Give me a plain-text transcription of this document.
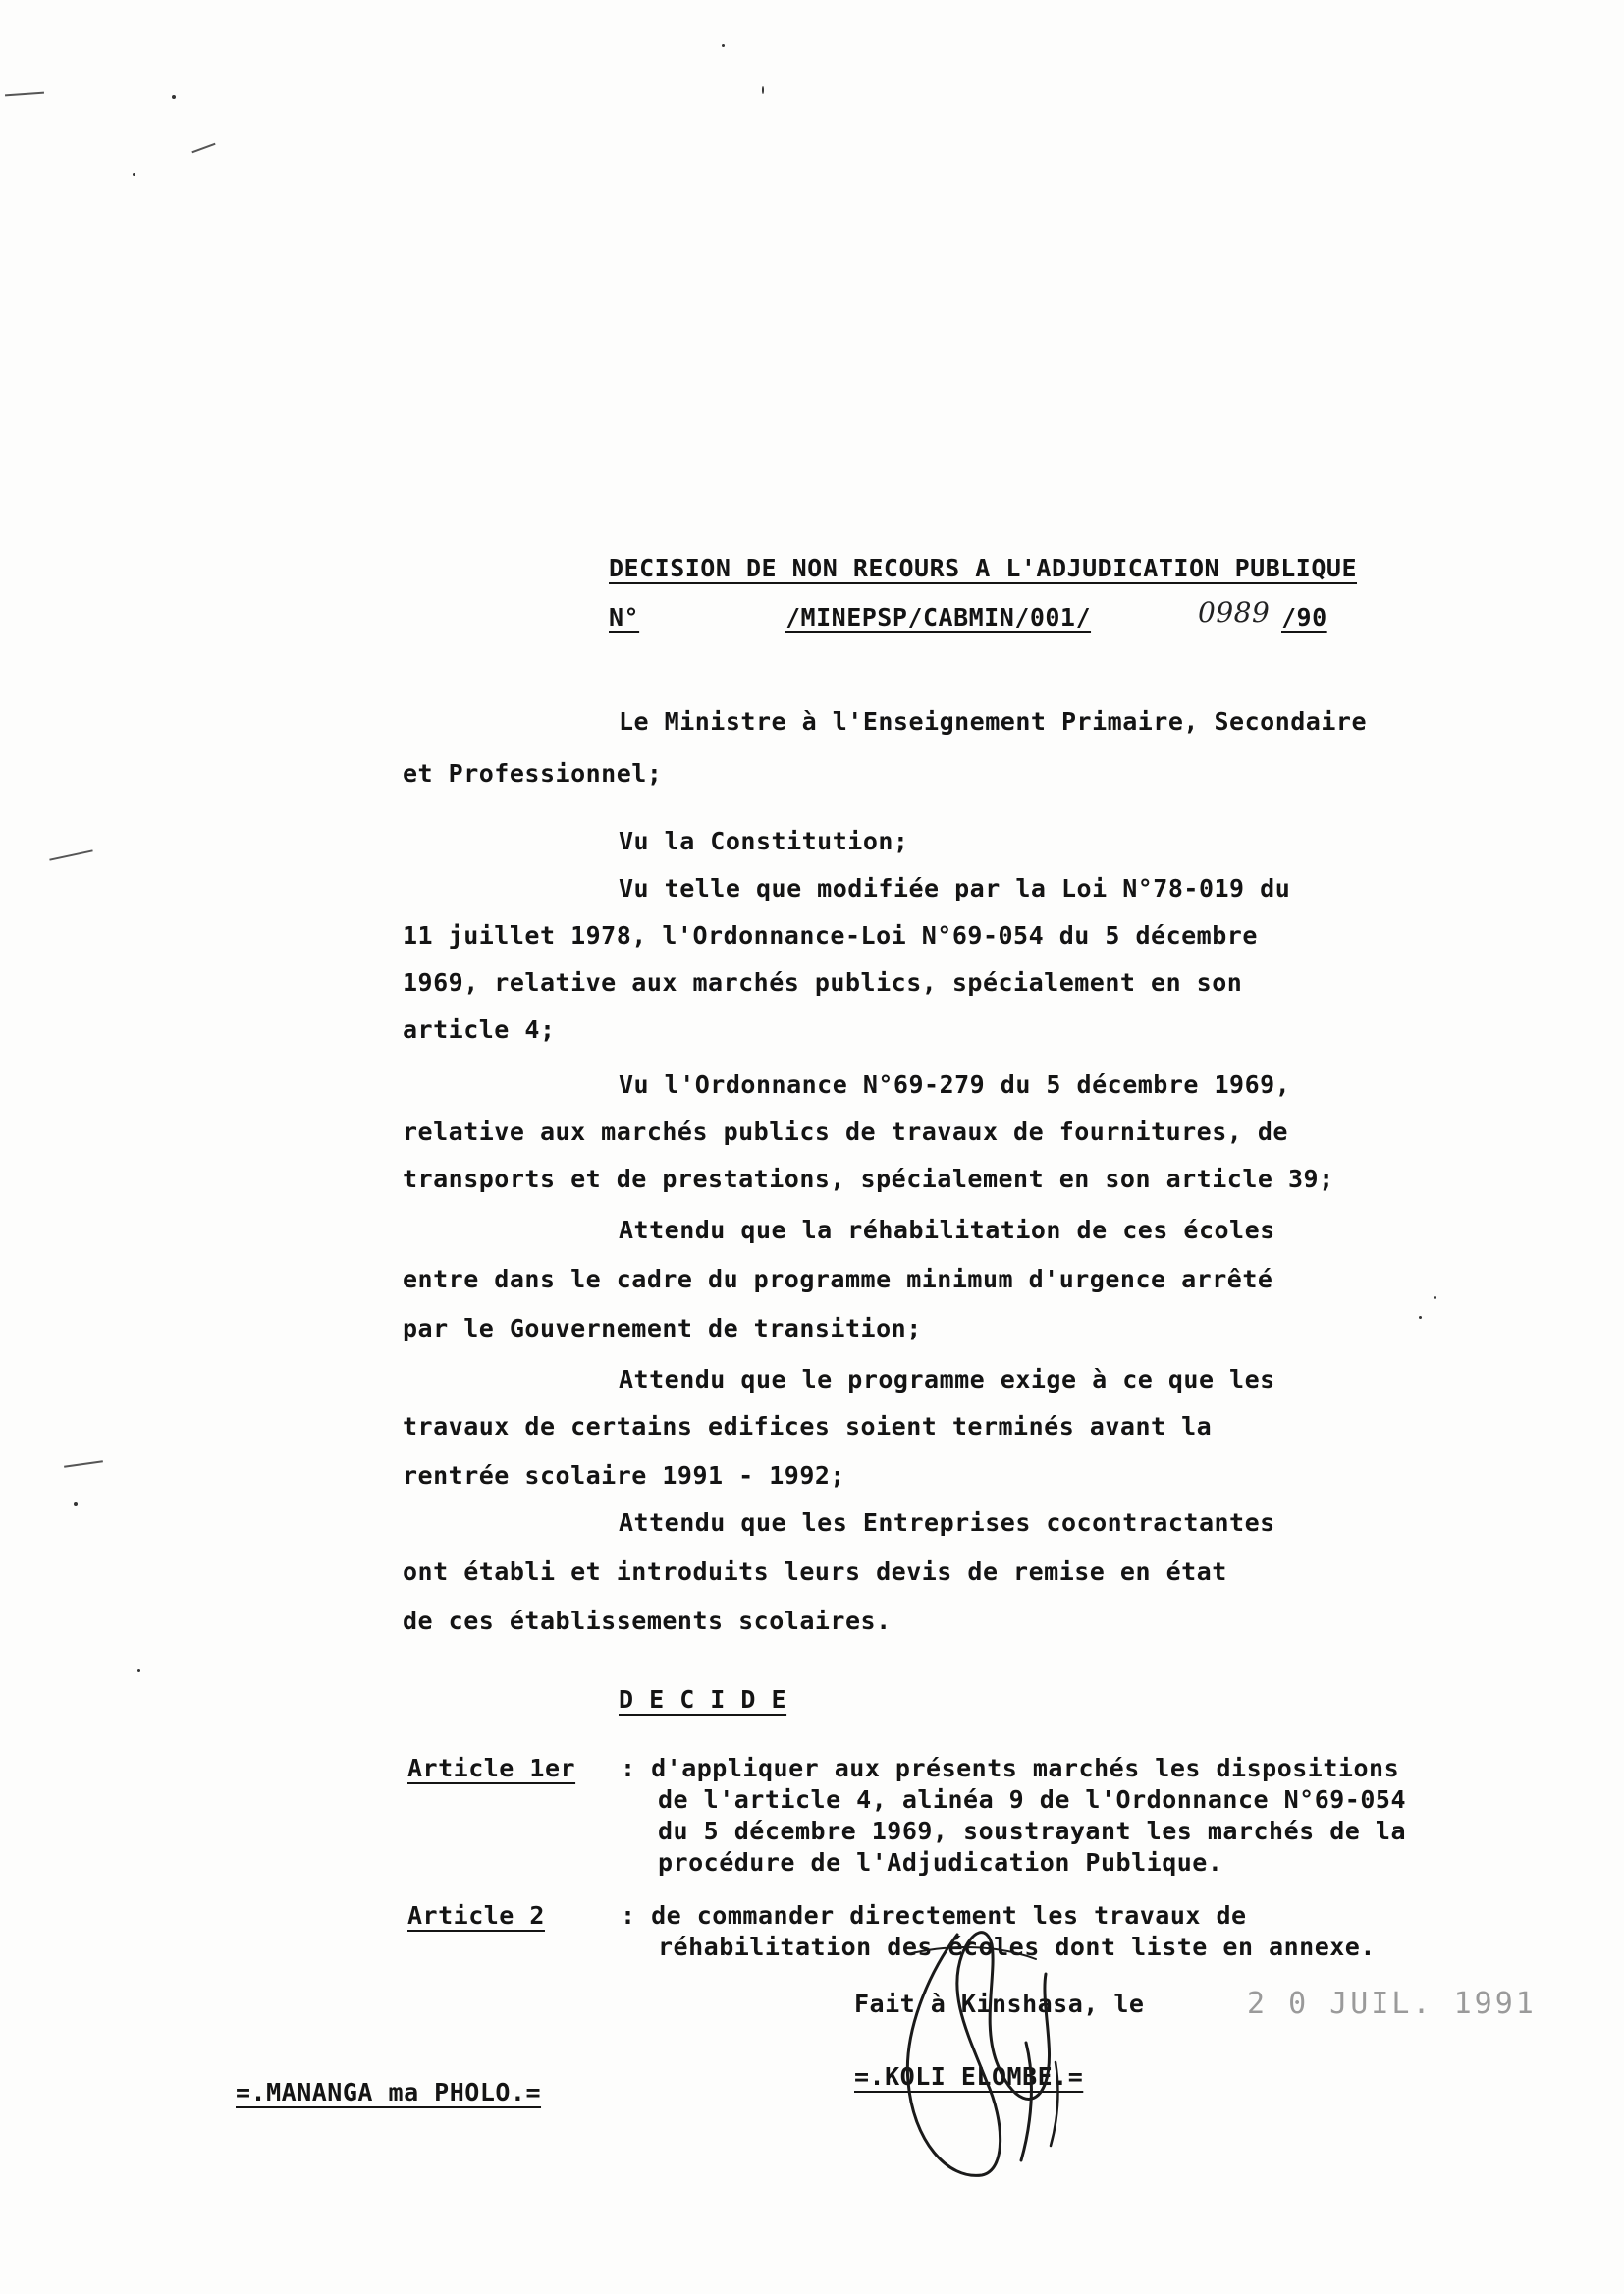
DECISION DE NON RECOURS A L'ADJUDICATION PUBLIQUE
N°	/MINEPSP/CABMIN/001/	0989 /90
Le Ministre à l'Enseignement Primaire, Secondaire
et Professionnel;
Vu la Constitution;
Vu telle que modifiée par la Loi N°78-019 du
11 juillet 1978, l'Ordonnance-Loi N°69-054 du 5 décembre
1969, relative aux marchés publics, spécialement en son
article 4;
Vu l'Ordonnance N°69-279 du 5 décembre 1969,
relative aux marchés publics de travaux de fournitures, de
transports et de prestations, spécialement en son article 39;
Attendu que la réhabilitation de ces écoles
entre dans le cadre du programme minimum d'urgence arrêté
par le Gouvernement de transition;
Attendu que le programme exige à ce que les
travaux de certains edifices soient terminés avant la
rentrée scolaire 1991 - 1992;
Attendu que les Entreprises cocontractantes
ont établi et introduits leurs devis de remise en état
de ces établissements scolaires.
D E C I D E
Article 1er : d'appliquer aux présents marchés les dispositions
de l'article 4, alinéa 9 de l'Ordonnance N°69-054
du 5 décembre 1969, soustrayant les marchés de la
procédure de l'Adjudication Publique.
Article 2	: de commander directement les travaux de
réhabilitation des écoles dont liste en annexe.
Fait à Kinshasa, le	2 0 JUIL. 1991
=.MANANGA ma PHOLO.=
=.KOLI ELOMBE.=
